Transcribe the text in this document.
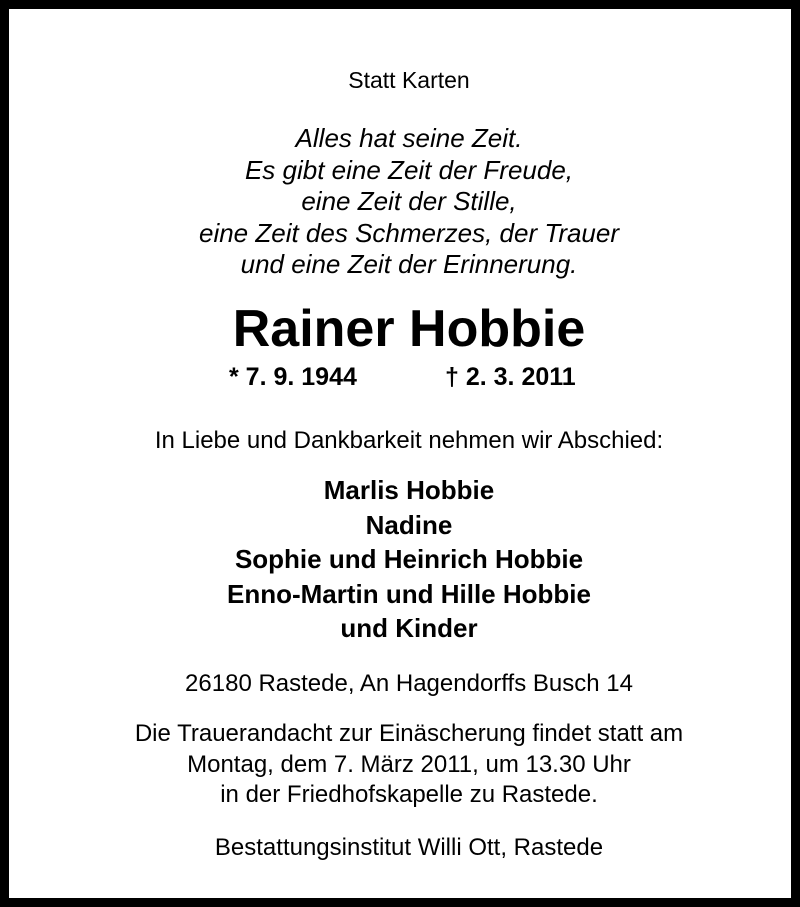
Statt Karten
Alles hat seine Zeit.
Es gibt eine Zeit der Freude,
eine Zeit der Stille,
eine Zeit des Schmerzes, der Trauer
und eine Zeit der Erinnerung.
Rainer Hobbie
* 7. 9. 1944	† 2. 3. 2011
In Liebe und Dankbarkeit nehmen wir Abschied:
Marlis Hobbie
Nadine
Sophie und Heinrich Hobbie
Enno-Martin und Hille Hobbie
und Kinder
26180 Rastede, An Hagendorffs Busch 14
Die Trauerandacht zur Einäscherung findet statt am
Montag, dem 7. März 2011, um 13.30 Uhr
in der Friedhofskapelle zu Rastede.
Bestattungsinstitut Willi Ott, Rastede
